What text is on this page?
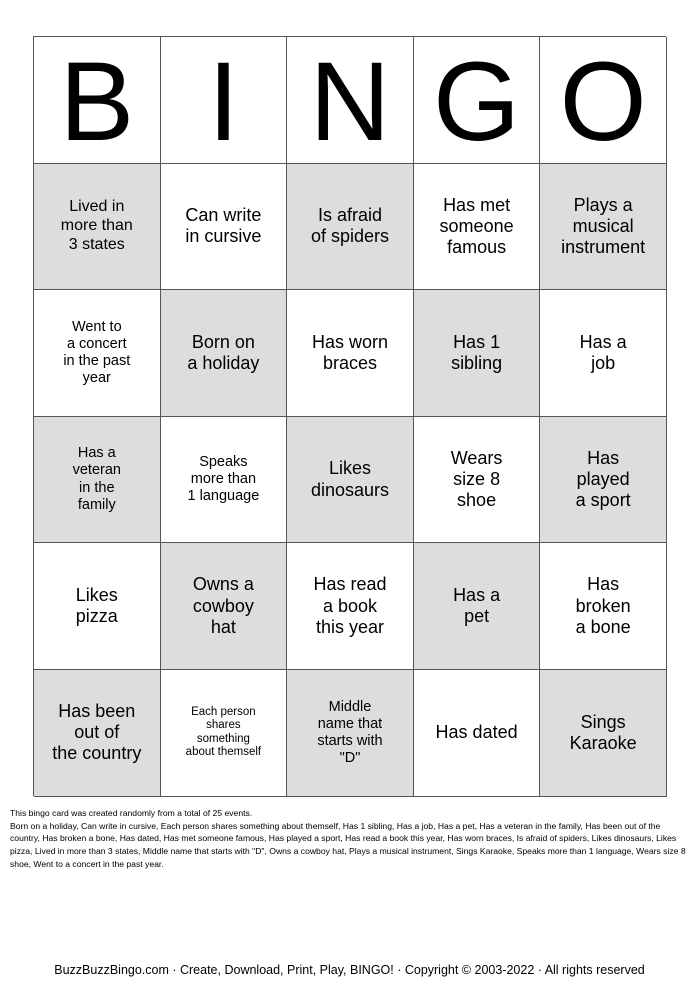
B I N G O
Lived in
more than
3 states
Can write
in cursive
Is afraid
of spiders
Has met
someone
famous
Plays a
musical
instrument
Went to
a concert
in the past
year
Born on
a holiday
Has worn
braces
Has 1
sibling
Has a
job
Has a
veteran
in the
family
Speaks
more than
1 language
Likes
dinosaurs
Wears
size 8
shoe
Has
played
a sport
Likes
pizza
Owns a
cowboy
hat
Has read
a book
this year
Has a
pet
Has
broken
a bone
Has been
out of
the country
Each person
shares
something
about themself
Middle
name that
starts with
"D"
Has dated
Sings
Karaoke
This bingo card was created randomly from a total of 25 events.
Born on a holiday, Can write in cursive, Each person shares something about themself, Has 1 sibling, Has a job, Has a pet, Has a veteran in the family, Has been out of the country, Has broken a bone, Has dated, Has met someone famous, Has played a sport, Has read a book this year, Has worn braces, Is afraid of spiders, Likes dinosaurs, Likes pizza, Lived in more than 3 states, Middle name that starts with "D", Owns a cowboy hat, Plays a musical instrument, Sings Karaoke, Speaks more than 1 language, Wears size 8 shoe, Went to a concert in the past year.
BuzzBuzzBingo.com · Create, Download, Print, Play, BINGO! · Copyright © 2003-2022 · All rights reserved
